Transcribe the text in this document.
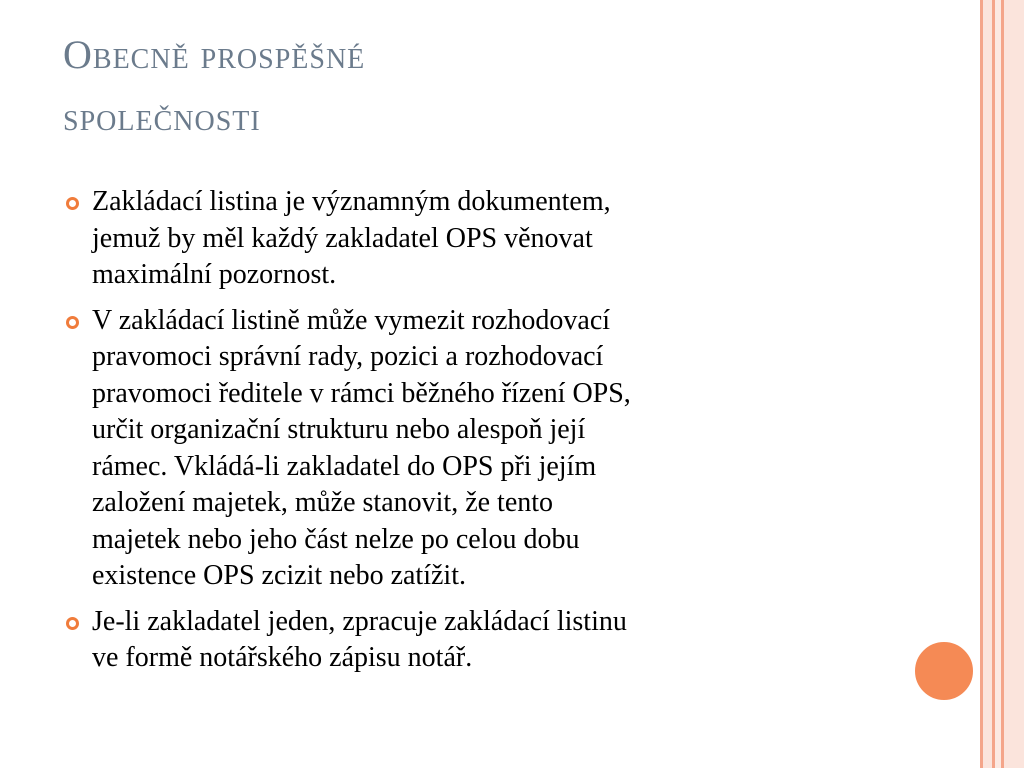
Obecně prospěšné
společnosti
Zakládací listina je významným dokumentem,
jemuž by měl každý zakladatel OPS věnovat
maximální pozornost.
V zakládací listině může vymezit rozhodovací
pravomoci správní rady, pozici a rozhodovací
pravomoci ředitele v rámci běžného řízení OPS,
určit organizační strukturu nebo alespoň její
rámec. Vkládá-li zakladatel do OPS při jejím
založení majetek, může stanovit, že tento
majetek nebo jeho část nelze po celou dobu
existence OPS zcizit nebo zatížit.
Je-li zakladatel jeden, zpracuje zakládací listinu
ve formě notářského zápisu notář.
